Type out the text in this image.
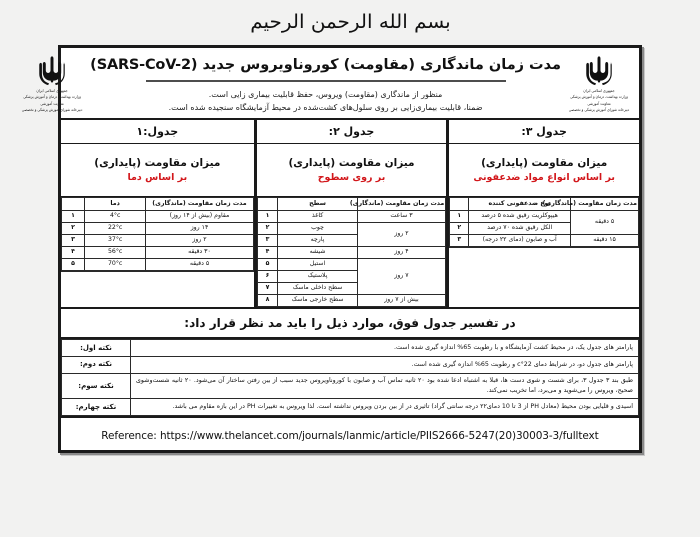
بسم الله الرحمن الرحیم
جمهوری اسلامی ایران
وزارت بهداشت، درمان و آموزش پزشکی
معاونت آموزشی
دبیرخانه شورای آموزش پزشکی و تخصصی
مدت زمان ماندگاری (مقاومت) کوروناویروس جدید (SARS-CoV-2)
منظور از ماندگاری (مقاومت) ویروس، حفظ قابلیت بیماری زایی است.
ضمنا، قابلیت بیماری‌زایی بر روی سلول‌های کشت‌شده در محیط آزمایشگاه سنجیده شده است.
جمهوری اسلامی ایران
وزارت بهداشت، درمان و آموزش پزشکی
معاونت آموزشی
دبیرخانه شورای آموزش پزشکی و تخصصی
جدول ۳:
میزان مقاومت (پایداری)
بر اساس انواع مواد ضدعفونی
مدت زمان مقاومت (ماندگاری)	نوع ضدعفونی کننده	
۵ دقیقه	هیپوکلریت رقیق شده ۵ درصد	۱
	الکل رقیق شده ۷۰ درصد	۲
۱۵ دقیقه	آب و صابون (دمای ۲۲ درجه)	۳
جدول ۲:
میزان مقاومت (پایداری)
بر روی سطوح
مدت زمان مقاومت (ماندگاری)	سطح	
۳ ساعت	کاغذ	۱
۲ روز	چوب	۲
	پارچه	۳
۴ روز	شیشه	۴
۷ روز	استیل	۵
	پلاستیک	۶
	سطح داخلی ماسک	۷
بیش از ۷ روز	سطح خارجی ماسک	۸
جدول:۱
میزان مقاومت (پایداری)
بر اساس دما
مدت زمان مقاومت (ماندگاری)	دما	
مقاوم (بیش از ۱۴ روز)	4°c	۱
۱۴ روز	22°c	۲
۲ روز	37°c	۳
۳۰ دقیقه	56°c	۴
۵ دقیقه	70°c	۵
در تفسیر جدول فوق، موارد ذیل را باید مد نظر قرار داد:
پارامتر های جدول یک، در محیط کشت آزمایشگاه و با رطوبت 65% اندازه گیری شده است.	نکته اول:
پارامتر های جدول دو، در شرایط دمای 22°c و رطوبت 65% اندازه گیری شده است.	نکته دوم:
طبق بند ۳ جدول ۳، برای شست و شوی دست ها، قبلا به اشتباه ادعا شده بود ۲۰ ثانیه تماس آب و صابون با کوروناویروس جدید سبب از بین رفتن ساختار آن می‌شود. ۲۰ ثانیه شست‌وشوی صحیح، ویروس را می‌شوید و می‌برد، اما تخریب نمی‌کند.	نکته سوم:
اسیدی و قلیایی بودن محیط (معادل PH از 3 تا 10 دمای۲۲ درجه سانتی گراد) تاثیری در از بین بردن ویروس نداشته است. لذا ویروس به تغییرات PH در این بازه مقاوم می باشد.	نکته چهارم:
Reference: https://www.thelancet.com/journals/lanmic/article/PIIS2666-5247(20)30003-3/fulltext
